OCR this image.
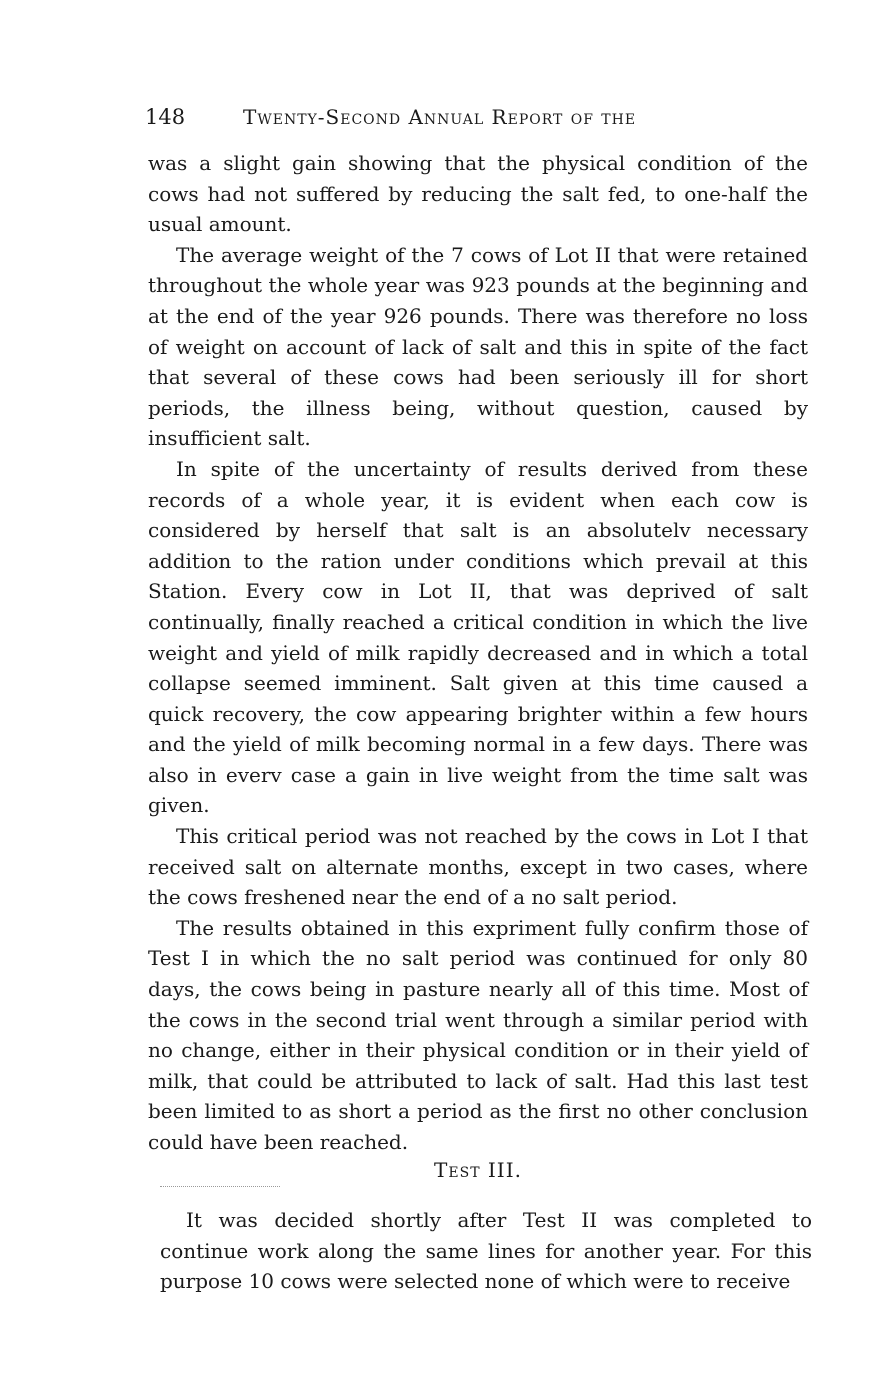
148	Twenty-Second Annual Report of the

was a slight gain showing that the physical condition of the cows had not suffered by reducing the salt fed, to one-half the usual amount.

The average weight of the 7 cows of Lot II that were retained throughout the whole year was 923 pounds at the beginning and at the end of the year 926 pounds. There was therefore no loss of weight on account of lack of salt and this in spite of the fact that several of these cows had been seriously ill for short periods, the illness being, without question, caused by insufficient salt.

In spite of the uncertainty of results derived from these records of a whole year, it is evident when each cow is considered by herself that salt is an absolutelv necessary addition to the ration under conditions which prevail at this Station. Every cow in Lot II, that was deprived of salt continually, finally reached a critical condition in which the live weight and yield of milk rapidly decreased and in which a total collapse seemed imminent. Salt given at this time caused a quick recovery, the cow appearing brighter within a few hours and the yield of milk becoming normal in a few days. There was also in everv case a gain in live weight from the time salt was given.

This critical period was not reached by the cows in Lot I that received salt on alternate months, except in two cases, where the cows freshened near the end of a no salt period.

The results obtained in this expriment fully confirm those of Test I in which the no salt period was continued for only 80 days, the cows being in pasture nearly all of this time. Most of the cows in the second trial went through a similar period with no change, either in their physical condition or in their yield of milk, that could be attributed to lack of salt. Had this last test been limited to as short a period as the first no other conclusion could have been reached.

Test III.

It was decided shortly after Test II was completed to continue work along the same lines for another year. For this purpose 10 cows were selected none of which were to receive
